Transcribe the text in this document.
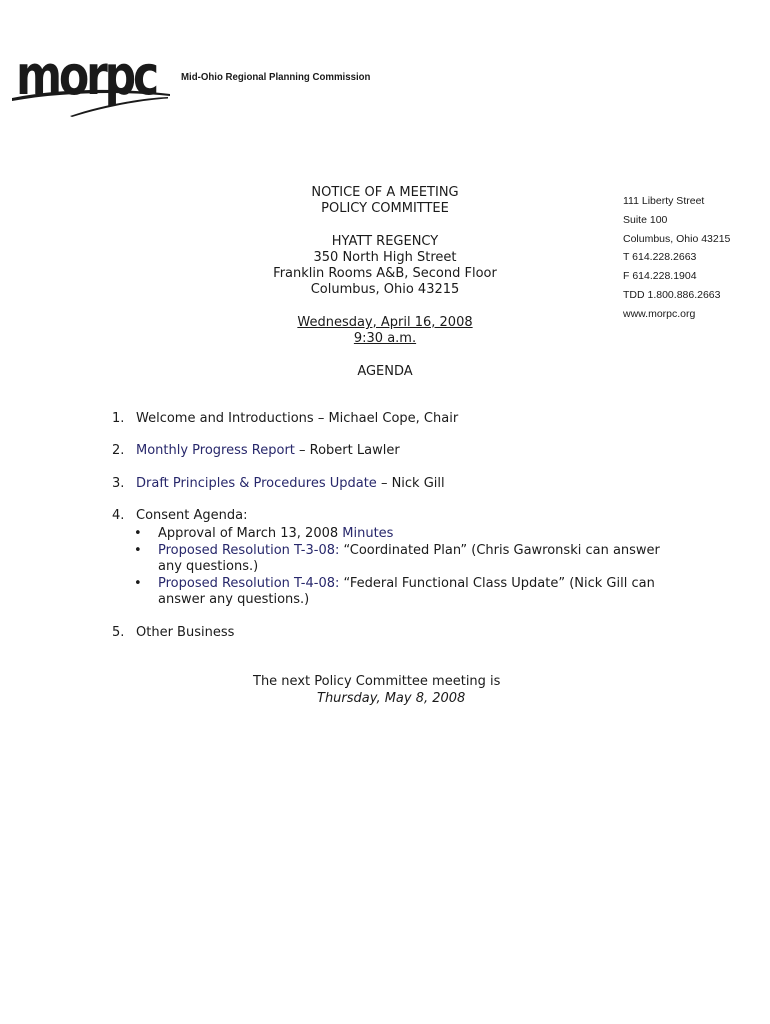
morpc Mid-Ohio Regional Planning Commission
111 Liberty Street
Suite 100
Columbus, Ohio 43215
T 614.228.2663
F 614.228.1904
TDD 1.800.886.2663
www.morpc.org
NOTICE OF A MEETING
POLICY COMMITTEE
HYATT REGENCY
350 North High Street
Franklin Rooms A&B, Second Floor
Columbus, Ohio 43215
Wednesday, April 16, 2008
9:30 a.m.
AGENDA
1. Welcome and Introductions – Michael Cope, Chair
2. Monthly Progress Report – Robert Lawler
3. Draft Principles & Procedures Update – Nick Gill
4. Consent Agenda:
• Approval of March 13, 2008 Minutes
• Proposed Resolution T-3-08: “Coordinated Plan” (Chris Gawronski can answer any questions.)
• Proposed Resolution T-4-08: “Federal Functional Class Update” (Nick Gill can answer any questions.)
5. Other Business
The next Policy Committee meeting is
Thursday, May 8, 2008
